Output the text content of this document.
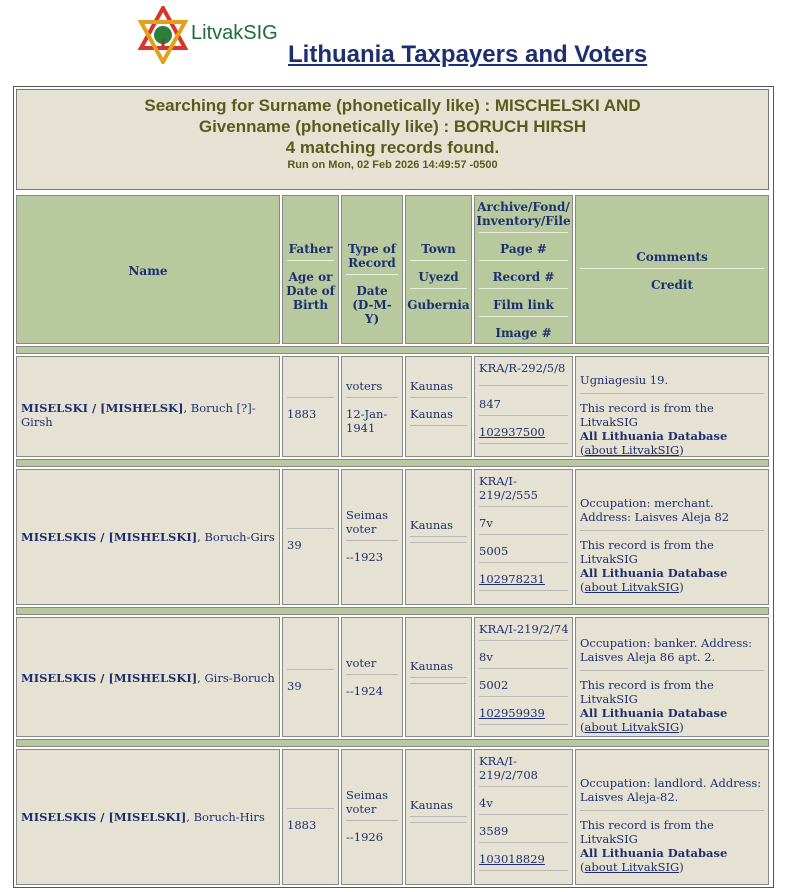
LitvakSIG
Lithuania Taxpayers and Voters
Searching for Surname (phonetically like) : MISCHELSKI AND
Givenname (phonetically like) : BORUCH HIRSH
4 matching records found.
Run on Mon, 02 Feb 2026 14:49:57 -0500
Name
Father
Age or Date of Birth
Type of Record
Date (D-M-Y)
Town
Uyezd
Gubernia
Archive/Fond/ Inventory/File
Page #
Record #
Film link
Image #
Comments
Credit
MISELSKI / [MISHELSK], Boruch [?]-Girsh
1883
voters
12-Jan-1941
Kaunas
Kaunas
KRA/R-292/5/8
847
102937500
Ugniagesiu 19.
This record is from the LitvakSIG
All Lithuania Database
(about LitvakSIG)
MISELSKIS / [MISHELSKI], Boruch-Girs
39
Seimas voter
--1923
Kaunas
KRA/I-219/2/555
7v
5005
102978231
Occupation: merchant. Address: Laisves Aleja 82
This record is from the LitvakSIG
All Lithuania Database
(about LitvakSIG)
MISELSKIS / [MISHELSKI], Girs-Boruch
39
voter
--1924
Kaunas
KRA/I-219/2/74
8v
5002
102959939
Occupation: banker. Address: Laisves Aleja 86 apt. 2.
This record is from the LitvakSIG
All Lithuania Database
(about LitvakSIG)
MISELSKIS / [MISELSKI], Boruch-Hirs
1883
Seimas voter
--1926
Kaunas
KRA/I-219/2/708
4v
3589
103018829
Occupation: landlord. Address: Laisves Aleja-82.
This record is from the LitvakSIG
All Lithuania Database
(about LitvakSIG)
